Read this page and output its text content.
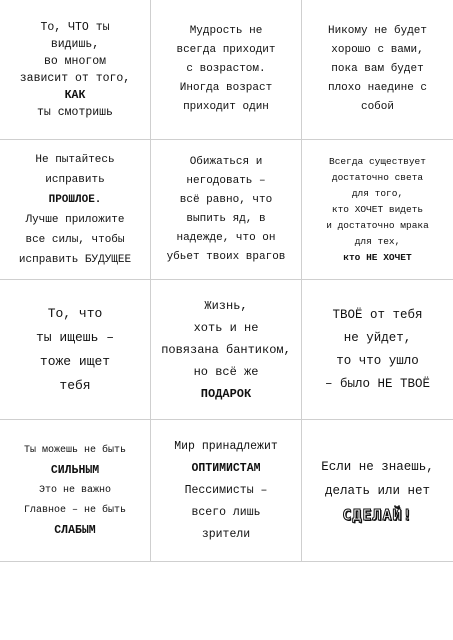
То, ЧТО ты
видишь,
во многом
зависит от того,
КАК
ты смотришь
Мудрость не
всегда приходит
с возрастом.
Иногда возраст
приходит один
Никому не будет
хорошо с вами,
пока вам будет
плохо наедине с
собой
Не пытайтесь
исправить
ПРОШЛОЕ.
Лучше приложите
все силы, чтобы
исправить БУДУЩЕЕ
Обижаться и
негодовать –
всё равно, что
выпить яд, в
надежде, что он
убьет твоих врагов
Всегда существует
достаточно света
для того,
кто ХОЧЕТ видеть
и достаточно мрака
для тех,
кто НЕ ХОЧЕТ
То, что
ты ищешь –
тоже ищет
тебя
Жизнь,
хоть и не
повязана бантиком,
но всё же
ПОДАРОК
ТВОЁ от тебя
не уйдет,
то что ушло
– было НЕ ТВОЁ
Ты можешь не быть
СИЛЬНЫМ
Это не важно
Главное – не быть
СЛАБЫМ
Мир принадлежит
ОПТИМИСТАМ
Пессимисты –
всего лишь
зрители
Если не знаешь,
делать или нет
СДЕЛАЙ!
